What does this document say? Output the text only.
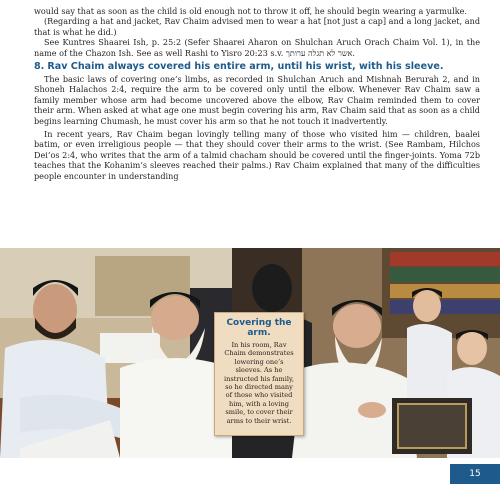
would say that as soon as the child is old enough not to throw it off, he should begin wearing a yarmulke.

(Regarding a hat and jacket, Rav Chaim advised men to wear a hat [not just a cap] and a long jacket, and that is what he did.)

See Kuntres Shaarei Ish, p. 25:2 (Sefer Shaarei Aharon on Shulchan Aruch Orach Chaim Vol. 1), in the name of the Chazon Ish. See as well Rashi to Yisro 20:23 s.v. אשר לא תגלה ערותך.

8. Rav Chaim always covered his entire arm, until his wrist, with his sleeve.

The basic laws of covering one’s limbs, as recorded in Shulchan Aruch and Mishnah Berurah 2, and in Shoneh Halachos 2:4, require the arm to be covered only until the elbow. Whenever Rav Chaim saw a family member whose arm had become uncovered above the elbow, Rav Chaim reminded them to cover their arm. When asked at what age one must begin covering his arm, Rav Chaim said that as soon as a child begins learning Chumash, he must cover his arm so that he not touch it inadvertently.

In recent years, Rav Chaim began lovingly telling many of those who visited him — children, baalei batim, or even irreligious people — that they should cover their arms to the wrist. (See Rambam, Hilchos Dei’os 2:4, who writes that the arm of a talmid chacham should be covered until the finger-joints. Yoma 72b teaches that the Kohanim’s sleeves reached their palms.) Rav Chaim explained that many of the difficulties people encounter in understanding

Covering the arm.
In his room, Rav Chaim demonstrates lowering one’s sleeves. As he instructed his family, so he directed many of those who visited him, with a loving smile, to cover their arms to their wrist.
15
